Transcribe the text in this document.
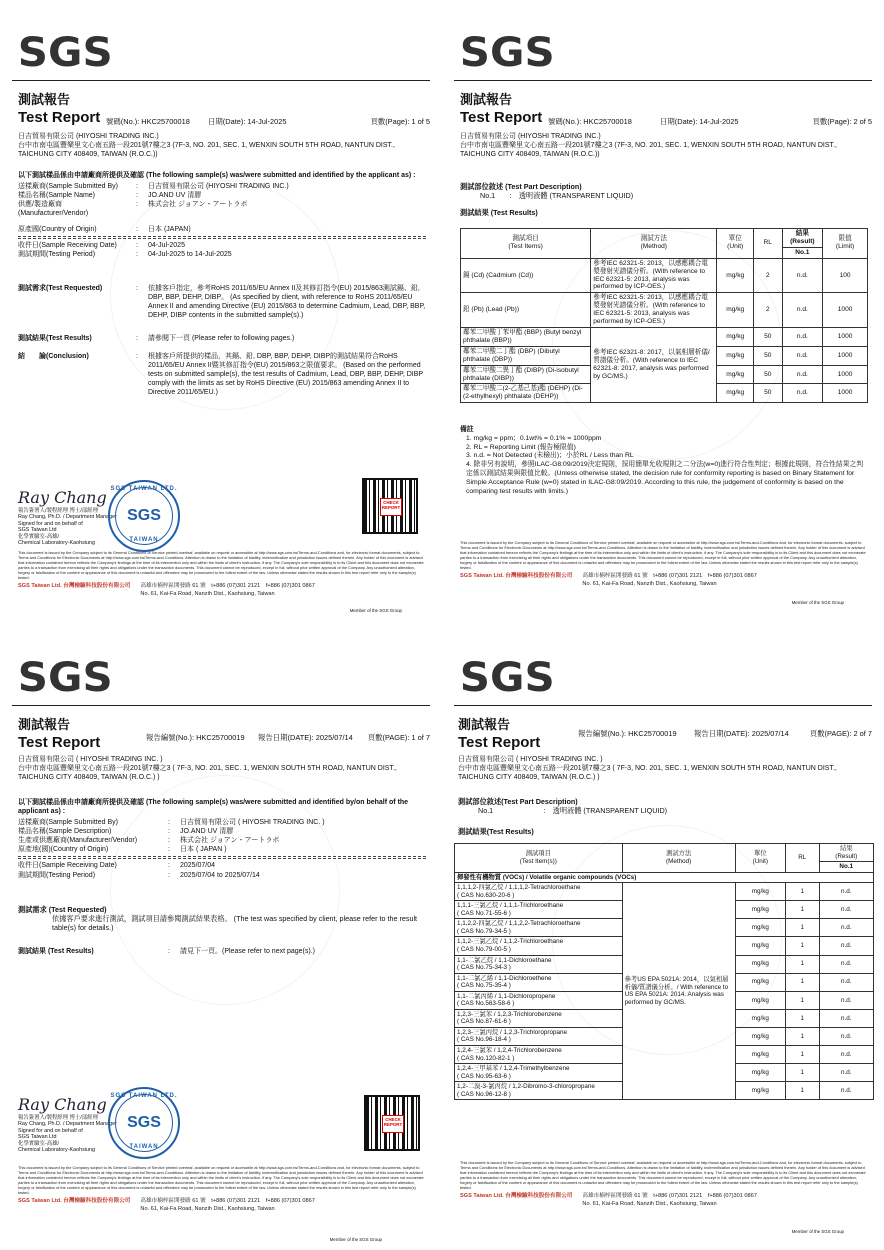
SGS
測試報告
Test Report 號碼(No.): HKC25700018 日期(Date): 14-Jul-2025	頁數(Page): 1 of 5
日吉貿易有限公司 (HIYOSHI TRADING INC.)
台中市南屯區豐樂里文心南五路一段201號7樓之3 (7F-3, NO. 201, SEC. 1, WENXIN SOUTH 5TH ROAD, NANTUN DIST.,
TAICHUNG CITY 408409, TAIWAN (R.O.C.))
以下測試樣品係由申請廠商所提供及確認 (The following sample(s) was/were submitted and identified by the applicant as) :
送樣廠商(Sample Submitted By)	:	日吉貿易有限公司 (HIYOSHI TRADING INC.)
樣品名稱(Sample Name)	:	JO.AND UV 清膠
供應/製造廠商	:	株式会社 ジョアン・アートラボ
(Manufacturer/Vendor)
原產國(Country of Origin)	:	日本 (JAPAN)
收件日(Sample Receiving Date)	:	04-Jul-2025
測試期間(Testing Period)	:	04-Jul-2025 to 14-Jul-2025
測試需求(Test Requested)	:	依據客戶指定，參考RoHS 2011/65/EU Annex II及其修訂指令(EU) 2015/863測試鎘、鉛, DBP, BBP, DEHP, DIBP。 (As specified by client, with reference to RoHS 2011/65/EU Annex II and amending Directive (EU) 2015/863 to determine Cadmium, Lead, DBP, BBP, DEHP, DIBP contents in the submitted sample(s).)
測試結果(Test Results)	:	請參閱下一頁 (Please refer to following pages.)
結　　論(Conclusion)	:	根據客戶所提供的樣品，其鎘、鉛, DBP, BBP, DEHP, DIBP的測試結果符合RoHS 2011/65/EU Annex II暨其修訂指令(EU) 2015/863之限值要求。 (Based on the performed tests on submitted sample(s), the test results of Cadmium, Lead, DBP, BBP, DEHP, DIBP comply with the limits as set by RoHS Directive (EU) 2015/863 amending Annex II to Directive 2011/65/EU.)
Ray Chang
報告簽署人/製程經理 博士/部經理
Ray Chang, Ph.D. / Department Manager
Signed for and on behalf of
SGS Taiwan Ltd
化學實驗室-高雄/
Chemical Laboratory-Kaohsiung
SGS TAIWAN LTD.
SGS
TAIWAN
CHECK REPORT
This document is issued by the Company subject to its General Conditions of Service printed overleaf, available on request or accessible at http://www.sgs.com.tw/Terms-and-Conditions and, for electronic format documents, subject to Terms and Conditions for Electronic Documents at http://www.sgs.com.tw/Terms-and-Conditions. Attention is drawn to the limitation of liability, indemnification and jurisdiction issues defined therein. Any holder of this document is advised that information contained hereon reflects the Company's findings at the time of its intervention only and within the limits of client's instruction, if any. The Company's sole responsibility is to its Client and this document does not exonerate parties to a transaction from exercising all their rights and obligations under the transaction documents. This document cannot be reproduced, except in full, without prior written approval of the Company. Any unauthorized alteration, forgery or falsification of the content or appearance of this document is unlawful and offenders may be prosecuted to the fullest extent of the law. Unless otherwise stated the results shown in this test report refer only to the sample(s) tested.
SGS Taiwan Ltd. 台灣檢驗科技股份有限公司 高雄市楠梓區開發路 61 號　t+886 (07)301 2121　f+886 (07)301 0867
No. 61, Kai-Fa Road, Nanzih Dist., Kaohsiung, Taiwan
Member of the SGS Group
SGS
測試報告
Test Report 號碼(No.): HKC25700018	日期(Date): 14-Jul-2025	頁數(Page): 2 of 5
日吉貿易有限公司 (HIYOSHI TRADING INC.)
台中市南屯區豐樂里文心南五路一段201號7樓之3 (7F-3, NO. 201, SEC. 1, WENXIN SOUTH 5TH ROAD, NANTUN DIST.,
TAICHUNG CITY 408409, TAIWAN (R.O.C.))
測試部位敘述 (Test Part Description)
No.1　　:　透明液體 (TRANSPARENT LIQUID)
測試結果 (Test Results)
測試項目
(Test Items)	測試方法
(Method)	單位
(Unit)	RL	結果
(Result)	限值
(Limit)
				No.1	
鎘 (Cd) (Cadmium (Cd))	參考IEC 62321-5: 2013，以感應耦合電漿發射光譜儀分析。(With reference to IEC 62321-5: 2013, analysis was performed by ICP-OES.)	mg/kg	2	n.d.	100
鉛 (Pb) (Lead (Pb))	參考IEC 62321-5: 2013，以感應耦合電漿發射光譜儀分析。(With reference to IEC 62321-5: 2013, analysis was performed by ICP-OES.)	mg/kg	2	n.d.	1000
鄰苯二甲酸丁苯甲酯 (BBP) (Butyl benzyl phthalate (BBP))	參考IEC 62321-8: 2017，以氣相層析儀/質譜儀分析。(With reference to IEC 62321-8: 2017, analysis was performed by GC/MS.)	mg/kg	50	n.d.	1000
鄰苯二甲酸二丁酯 (DBP) (Dibutyl phthalate (DBP))		mg/kg	50	n.d.	1000
鄰苯二甲酸二異丁酯 (DIBP) (Di-isobutyl phthalate (DIBP))		mg/kg	50	n.d.	1000
鄰苯二甲酸二(2-乙基己基)酯 (DEHP) (Di-(2-ethylhexyl) phthalate (DEHP))		mg/kg	50	n.d.	1000
備註
1. mg/kg = ppm；0.1wt% = 0.1% = 1000ppm
2. RL = Reporting Limit (報告極限值)
3. n.d. = Not Detected (未檢出)；小於RL / Less than RL
4. 除非另有說明，參照ILAC-G8:09/2019決定規則，採用簡單允收規則之二分法(w=0)進行符合性判定；根據此規則，符合性結果之判定係以測試結果與限值比較。(Unless otherwise stated, the decision rule for conformity reporting is based on Binary Statement for Simple Acceptance Rule (w=0) stated in ILAC-G8:09/2019. According to this rule, the judgement of conformity is based on the comparing test results with limits.)
This document is issued by the Company subject to its General Conditions of Service printed overleaf, available on request or accessible at http://www.sgs.com.tw/Terms-and-Conditions and, for electronic format documents, subject to Terms and Conditions for Electronic Documents at http://www.sgs.com.tw/Terms-and-Conditions. Attention is drawn to the limitation of liability, indemnification and jurisdiction issues defined therein. Any holder of this document is advised that information contained hereon reflects the Company's findings at the time of its intervention only and within the limits of client's instruction, if any. The Company's sole responsibility is to its Client and this document does not exonerate parties to a transaction from exercising all their rights and obligations under the transaction documents. This document cannot be reproduced, except in full, without prior written approval of the Company. Any unauthorized alteration, forgery or falsification of the content or appearance of this document is unlawful and offenders may be prosecuted to the fullest extent of the law. Unless otherwise stated the results shown in this test report refer only to the sample(s) tested.
SGS Taiwan Ltd. 台灣檢驗科技股份有限公司 高雄市楠梓區開發路 61 號　t+886 (07)301 2121　f+886 (07)301 0867
No. 61, Kai-Fa Road, Nanzih Dist., Kaohsiung, Taiwan
Member of the SGS Group
SGS
測試報告
Test Report	報告編號(No.): HKC25700019 報告日期(DATE): 2025/07/14 頁數(PAGE): 1 of 7
日吉貿易有限公司 ( HIYOSHI TRADING INC. )
台中市南屯區豐樂里文心南五路一段201號7樓之3 ( 7F-3, NO. 201, SEC. 1, WENXIN SOUTH 5TH ROAD, NANTUN DIST.,
TAICHUNG CITY 408409, TAIWAN (R.O.C.) )
以下測試樣品係由申請廠商所提供及確認 (The following sample(s) was/were submitted and identified by/on behalf of the applicant as) :
送樣廠商(Sample Submitted By)	:	日吉貿易有限公司 ( HIYOSHI TRADING INC. )
樣品名稱(Sample Description)	:	JO.AND UV 清膠
生產或供應廠商(Manufacturer/Vendor)	:	株式会社 ジョアン・アートラボ
原產地(國)(Country of Origin)	:	日本 ( JAPAN )
收件日(Sample Receiving Date)	:	2025/07/04
測試期間(Testing Period)	:	2025/07/04 to 2025/07/14
測試需求 (Test Requested)
依據客戶要求進行測試，測試項目請參閱測試結果表格。 (The test was specified by client, please refer to the result table(s) for details.)
測試結果 (Test Results)	:	請見下一頁。(Please refer to next page(s).)
Ray Chang
報告簽署人/製程經理 博士/部經理
Ray Chang, Ph.D. / Department Manager
Signed for and on behalf of
SGS Taiwan Ltd
化學實驗室-高雄/
Chemical Laboratory-Kaohsiung
SGS TAIWAN LTD.
SGS
TAIWAN
CHECK REPORT
This document is issued by the Company subject to its General Conditions of Service printed overleaf, available on request or accessible at http://www.sgs.com.tw/Terms-and-Conditions and, for electronic format documents, subject to Terms and Conditions for Electronic Documents at http://www.sgs.com.tw/Terms-and-Conditions. Attention is drawn to the limitation of liability, indemnification and jurisdiction issues defined therein. Any holder of this document is advised that information contained hereon reflects the Company's findings at the time of its intervention only and within the limits of client's instruction, if any. The Company's sole responsibility is to its Client and this document does not exonerate parties to a transaction from exercising all their rights and obligations under the transaction documents. This document cannot be reproduced, except in full, without prior written approval of the Company. Any unauthorized alteration, forgery or falsification of the content or appearance of this document is unlawful and offenders may be prosecuted to the fullest extent of the law. Unless otherwise stated the results shown in this test report refer only to the sample(s) tested.
SGS Taiwan Ltd. 台灣檢驗科技股份有限公司 高雄市楠梓區開發路 61 號　t+886 (07)301 2121　f+886 (07)301 0867
No. 61, Kai-Fa Road, Nanzih Dist., Kaohsiung, Taiwan
Member of the SGS Group
SGS
測試報告
Test Report
報告編號(No.): HKC25700019 報告日期(DATE): 2025/07/14	頁數(PAGE): 2 of 7
日吉貿易有限公司 ( HIYOSHI TRADING INC. )
台中市南屯區豐樂里文心南五路一段201號7樓之3 ( 7F-3, NO. 201, SEC. 1, WENXIN SOUTH 5TH ROAD, NANTUN DIST.,
TAICHUNG CITY 408409, TAIWAN (R.O.C.) )
測試部位敘述(Test Part Description)
No.1　　　　　　　:　透明液體 (TRANSPARENT LIQUID)
測試結果(Test Results)
測試項目
(Test Item(s))	測試方法
(Method)	單位
(Unit)	RL	結果
(Result)
				No.1
揮發性有機物質 (VOCs) / Volatile organic compounds (VOCs)				

1,1,1,2-四氯乙烷 / 1,1,1,2-Tetrachloroethane
( CAS No.630-20-6 )	參考US EPA 5021A: 2014，以氣相層析儀/質譜儀分析。/ With reference to US EPA 5021A: 2014. Analysis was performed by GC/MS.	mg/kg	1	n.d.

1,1,1-三氯乙烷 / 1,1,1-Trichloroethane
( CAS No.71-55-6 )		mg/kg	1	n.d.

1,1,2,2-四氯乙烷 / 1,1,2,2-Tetrachloroethane
( CAS No.79-34-5 )		mg/kg	1	n.d.

1,1,2-三氯乙烷 / 1,1,2-Trichloroethane
( CAS No.79-00-5 )		mg/kg	1	n.d.

1,1-二氯乙烷 / 1,1-Dichloroethane
( CAS No.75-34-3 )		mg/kg	1	n.d.

1,1-二氯乙烯 / 1,1-Dichloroethene
( CAS No.75-35-4 )		mg/kg	1	n.d.

1,1-二氯丙烯 / 1,1-Dichloropropene
( CAS No.563-58-6 )		mg/kg	1	n.d.

1,2,3-三氯苯 / 1,2,3-Trichlorobenzene
( CAS No.87-61-6 )		mg/kg	1	n.d.

1,2,3-三氯丙烷 / 1,2,3-Trichloropropane
( CAS No.96-18-4 )		mg/kg	1	n.d.

1,2,4-三氯苯 / 1,2,4-Trichlorobenzene
( CAS No.120-82-1 )		mg/kg	1	n.d.

1,2,4-三甲基苯 / 1,2,4-Trimethylbenzene
( CAS No.95-63-6 )		mg/kg	1	n.d.

1,2-二溴-3-氯丙烷 / 1,2-Dibromo-3-chloropropane
( CAS No.96-12-8 )		mg/kg	1	n.d.
This document is issued by the Company subject to its General Conditions of Service printed overleaf, available on request or accessible at http://www.sgs.com.tw/Terms-and-Conditions and, for electronic format documents, subject to Terms and Conditions for Electronic Documents at http://www.sgs.com.tw/Terms-and-Conditions. Attention is drawn to the limitation of liability, indemnification and jurisdiction issues defined therein. Any holder of this document is advised that information contained hereon reflects the Company's findings at the time of its intervention only and within the limits of client's instruction, if any. The Company's sole responsibility is to its Client and this document does not exonerate parties to a transaction from exercising all their rights and obligations under the transaction documents. This document cannot be reproduced, except in full, without prior written approval of the Company. Any unauthorized alteration, forgery or falsification of the content or appearance of this document is unlawful and offenders may be prosecuted to the fullest extent of the law. Unless otherwise stated the results shown in this test report refer only to the sample(s) tested.
SGS Taiwan Ltd. 台灣檢驗科技股份有限公司 高雄市楠梓區開發路 61 號　t+886 (07)301 2121　f+886 (07)301 0867
No. 61, Kai-Fa Road, Nanzih Dist., Kaohsiung, Taiwan
Member of the SGS Group
